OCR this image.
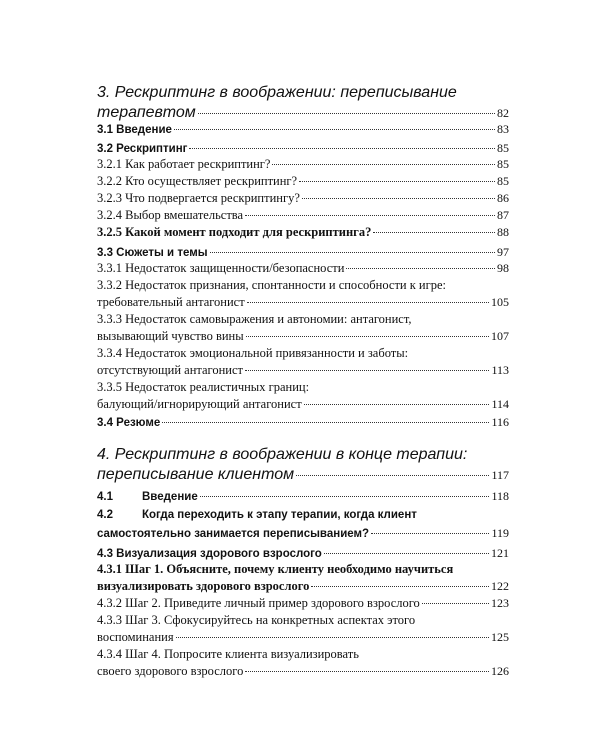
3. Рескриптинг в воображении: переписывание
терапевтом	82
3.1 Введение	83
3.2 Рескриптинг	85
3.2.1 Как работает рескриптинг?	85
3.2.2 Кто осуществляет рескриптинг?	85
3.2.3 Что подвергается рескриптингу?	86
3.2.4 Выбор вмешательства	87
3.2.5 Какой момент подходит для рескриптинга?	88
3.3 Сюжеты и темы	97
3.3.1 Недостаток защищенности/безопасности	98
3.3.2 Недостаток признания, спонтанности и способности к игре:
требовательный антагонист	105
3.3.3 Недостаток самовыражения и автономии: антагонист,
вызывающий чувство вины	107
3.3.4 Недостаток эмоциональной привязанности и заботы:
отсутствующий антагонист	113
3.3.5 Недостаток реалистичных границ:
балующий/игнорирующий антагонист	114
3.4 Резюме	116
4. Рескриптинг в воображении в конце терапии:
переписывание клиентом	117
4.1	Введение	118
4.2	Когда переходить к этапу терапии, когда клиент
самостоятельно занимается переписыванием?	119
4.3 Визуализация здорового взрослого	121
4.3.1 Шаг 1. Объясните, почему клиенту необходимо научиться
визуализировать здорового взрослого	122
4.3.2 Шаг 2. Приведите личный пример здорового взрослого	123
4.3.3 Шаг 3. Сфокусируйтесь на конкретных аспектах этого
воспоминания	125
4.3.4 Шаг 4. Попросите клиента визуализировать
своего здорового взрослого	126
